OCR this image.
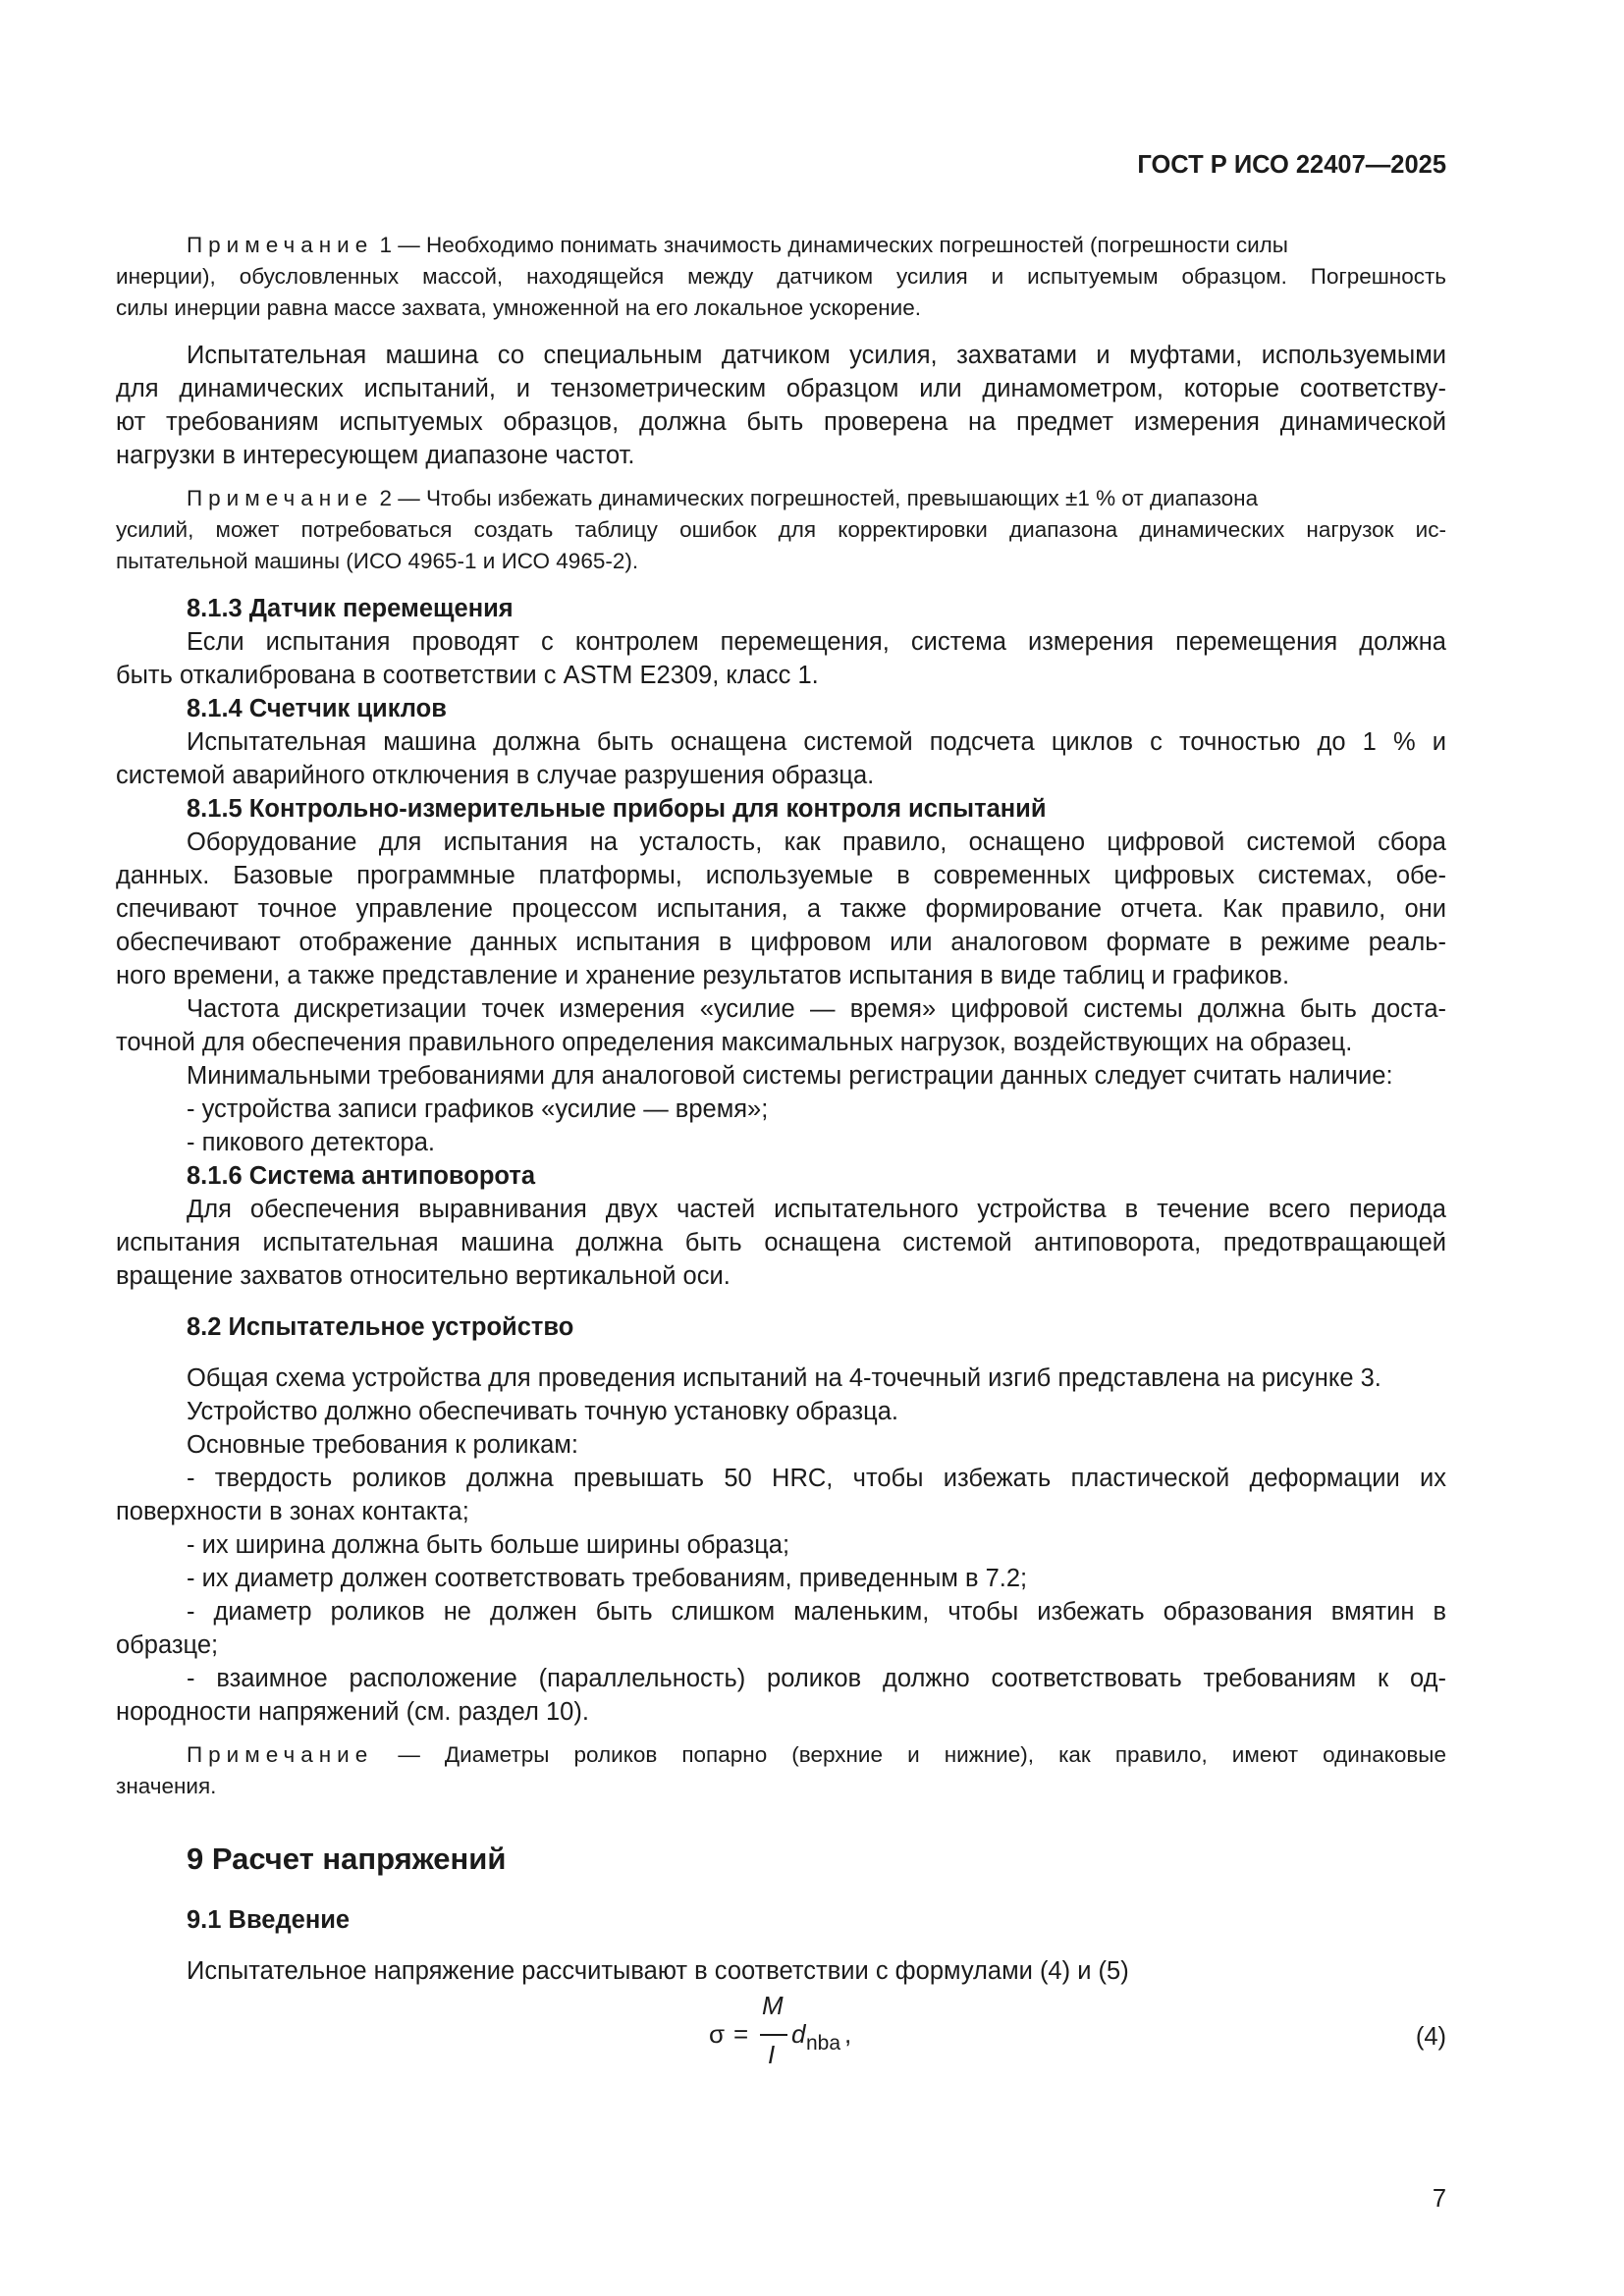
ГОСТ Р ИСО 22407—2025
Примечание 1 — Необходимо понимать значимость динамических погрешностей (погрешности силы
инерции), обусловленных массой, находящейся между датчиком усилия и испытуемым образцом. Погрешность
силы инерции равна массе захвата, умноженной на его локальное ускорение.
Испытательная машина со специальным датчиком усилия, захватами и муфтами, используемыми
для динамических испытаний, и тензометрическим образцом или динамометром, которые соответству-
ют требованиям испытуемых образцов, должна быть проверена на предмет измерения динамической
нагрузки в интересующем диапазоне частот.
Примечание 2 — Чтобы избежать динамических погрешностей, превышающих ±1 % от диапазона
усилий, может потребоваться создать таблицу ошибок для корректировки диапазона динамических нагрузок ис-
пытательной машины (ИСО 4965-1 и ИСО 4965-2).
8.1.3 Датчик перемещения
Если испытания проводят с контролем перемещения, система измерения перемещения должна
быть откалибрована в соответствии с ASTM E2309, класс 1.
8.1.4 Счетчик циклов
Испытательная машина должна быть оснащена системой подсчета циклов с точностью до 1 % и
системой аварийного отключения в случае разрушения образца.
8.1.5 Контрольно-измерительные приборы для контроля испытаний
Оборудование для испытания на усталость, как правило, оснащено цифровой системой сбора
данных. Базовые программные платформы, используемые в современных цифровых системах, обе-
спечивают точное управление процессом испытания, а также формирование отчета. Как правило, они
обеспечивают отображение данных испытания в цифровом или аналоговом формате в режиме реаль-
ного времени, а также представление и хранение результатов испытания в виде таблиц и графиков.
Частота дискретизации точек измерения «усилие — время» цифровой системы должна быть доста-
точной для обеспечения правильного определения максимальных нагрузок, воздействующих на образец.
Минимальными требованиями для аналоговой системы регистрации данных следует считать наличие:
- устройства записи графиков «усилие — время»;
- пикового детектора.
8.1.6 Система антиповорота
Для обеспечения выравнивания двух частей испытательного устройства в течение всего периода
испытания испытательная машина должна быть оснащена системой антиповорота, предотвращающей
вращение захватов относительно вертикальной оси.
8.2 Испытательное устройство
Общая схема устройства для проведения испытаний на 4-точечный изгиб представлена на рисунке 3.
Устройство должно обеспечивать точную установку образца.
Основные требования к роликам:
- твердость роликов должна превышать 50 HRC, чтобы избежать пластической деформации их
поверхности в зонах контакта;
- их ширина должна быть больше ширины образца;
- их диаметр должен соответствовать требованиям, приведенным в 7.2;
- диаметр роликов не должен быть слишком маленьким, чтобы избежать образования вмятин в
образце;
- взаимное расположение (параллельность) роликов должно соответствовать требованиям к од-
нородности напряжений (см. раздел 10).
Примечание — Диаметры роликов попарно (верхние и нижние), как правило, имеют одинаковые
значения.
9 Расчет напряжений
9.1 Введение
Испытательное напряжение рассчитывают в соответствии с формулами (4) и (5)
σ =
M
I
d nba ,	(4)
7
